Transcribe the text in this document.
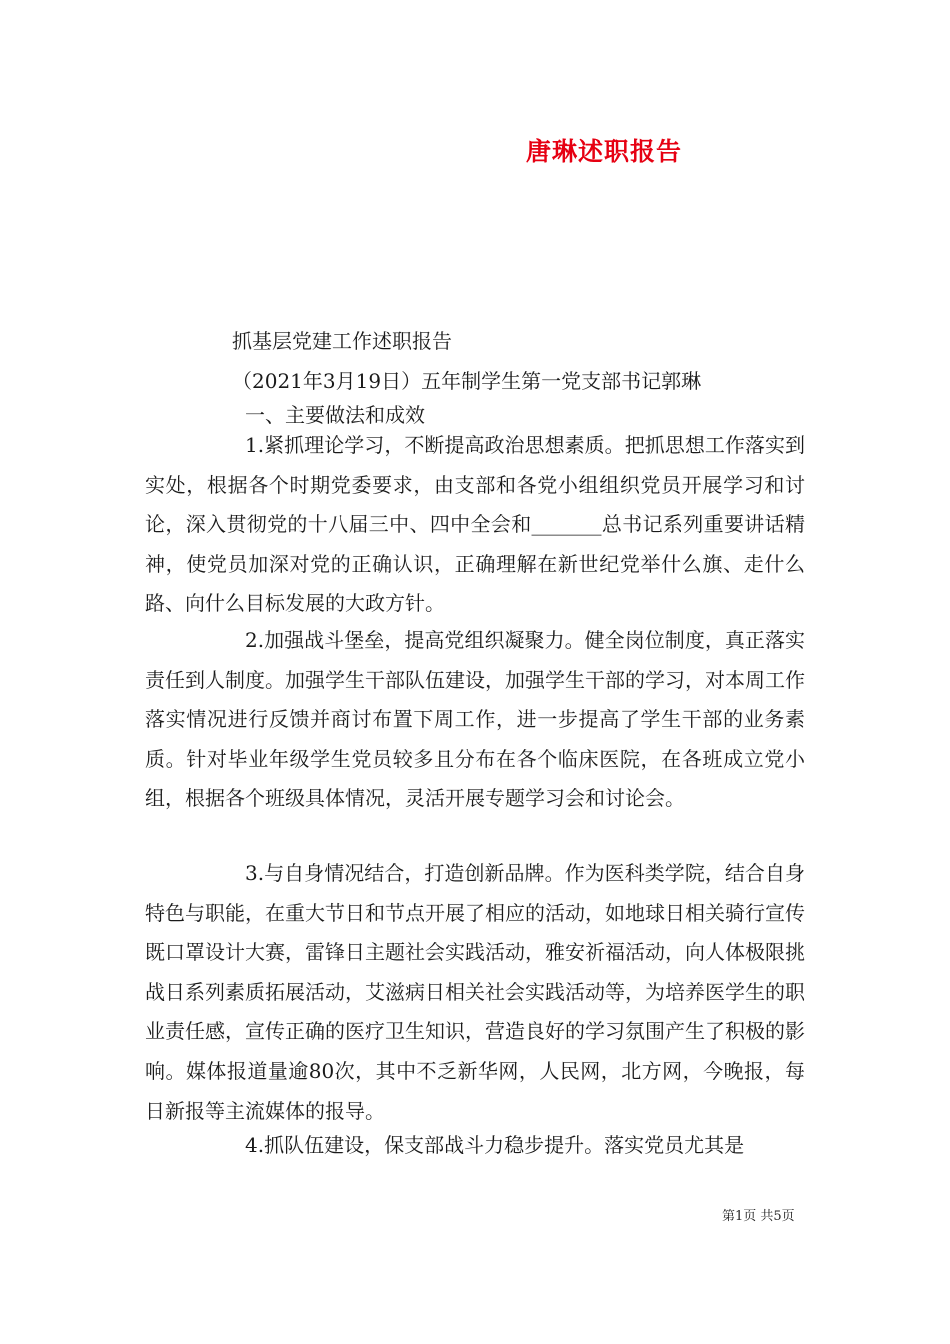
唐琳述职报告
抓基层党建工作述职报告
（2021年3月19日）五年制学生第一党支部书记郭琳
一、主要做法和成效

1.紧抓理论学习，不断提高政治思想素质。把抓思想工作落实到实处，根据各个时期党委要求，由支部和各党小组组织党员开展学习和讨论，深入贯彻党的十八届三中、四中全会和_______总书记系列重要讲话精神，使党员加深对党的正确认识，正确理解在新世纪党举什么旗、走什么路、向什么目标发展的大政方针。

2.加强战斗堡垒，提高党组织凝聚力。健全岗位制度，真正落实责任到人制度。加强学生干部队伍建设，加强学生干部的学习，对本周工作落实情况进行反馈并商讨布置下周工作，进一步提高了学生干部的业务素质。针对毕业年级学生党员较多且分布在各个临床医院，在各班成立党小组，根据各个班级具体情况，灵活开展专题学习会和讨论会。

3.与自身情况结合，打造创新品牌。作为医科类学院，结合自身特色与职能，在重大节日和节点开展了相应的活动，如地球日相关骑行宣传既口罩设计大赛，雷锋日主题社会实践活动，雅安祈福活动，向人体极限挑战日系列素质拓展活动，艾滋病日相关社会实践活动等，为培养医学生的职业责任感，宣传正确的医疗卫生知识，营造良好的学习氛围产生了积极的影响。媒体报道量逾80次，其中不乏新华网，人民网，北方网，今晚报，每日新报等主流媒体的报导。

4.抓队伍建设，保支部战斗力稳步提升。落实党员尤其是

第1页 共5页
